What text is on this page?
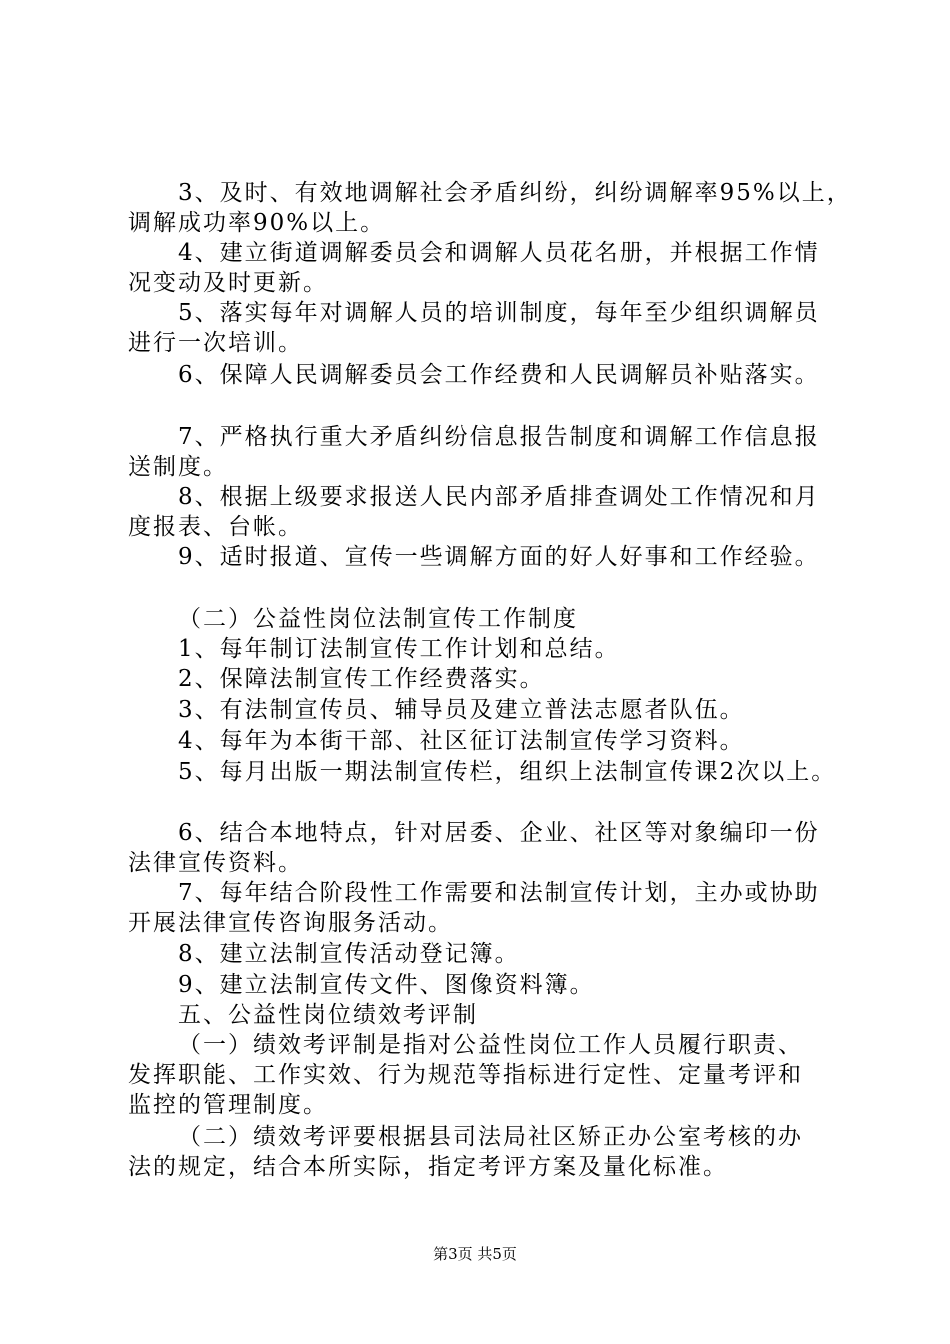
3、及时、有效地调解社会矛盾纠纷，纠纷调解率95%以上，
调解成功率90%以上。
4、建立街道调解委员会和调解人员花名册，并根据工作情
况变动及时更新。
5、落实每年对调解人员的培训制度，每年至少组织调解员
进行一次培训。
6、保障人民调解委员会工作经费和人民调解员补贴落实。
7、严格执行重大矛盾纠纷信息报告制度和调解工作信息报
送制度。
8、根据上级要求报送人民内部矛盾排查调处工作情况和月
度报表、台帐。
9、适时报道、宣传一些调解方面的好人好事和工作经验。
（二）公益性岗位法制宣传工作制度
1、每年制订法制宣传工作计划和总结。
2、保障法制宣传工作经费落实。
3、有法制宣传员、辅导员及建立普法志愿者队伍。
4、每年为本街干部、社区征订法制宣传学习资料。
5、每月出版一期法制宣传栏，组织上法制宣传课2次以上。
6、结合本地特点，针对居委、企业、社区等对象编印一份
法律宣传资料。
7、每年结合阶段性工作需要和法制宣传计划，主办或协助
开展法律宣传咨询服务活动。
8、建立法制宣传活动登记簿。
9、建立法制宣传文件、图像资料簿。
五、公益性岗位绩效考评制
（一）绩效考评制是指对公益性岗位工作人员履行职责、
发挥职能、工作实效、行为规范等指标进行定性、定量考评和
监控的管理制度。
（二）绩效考评要根据县司法局社区矫正办公室考核的办
法的规定，结合本所实际，指定考评方案及量化标准。
第3页 共5页
